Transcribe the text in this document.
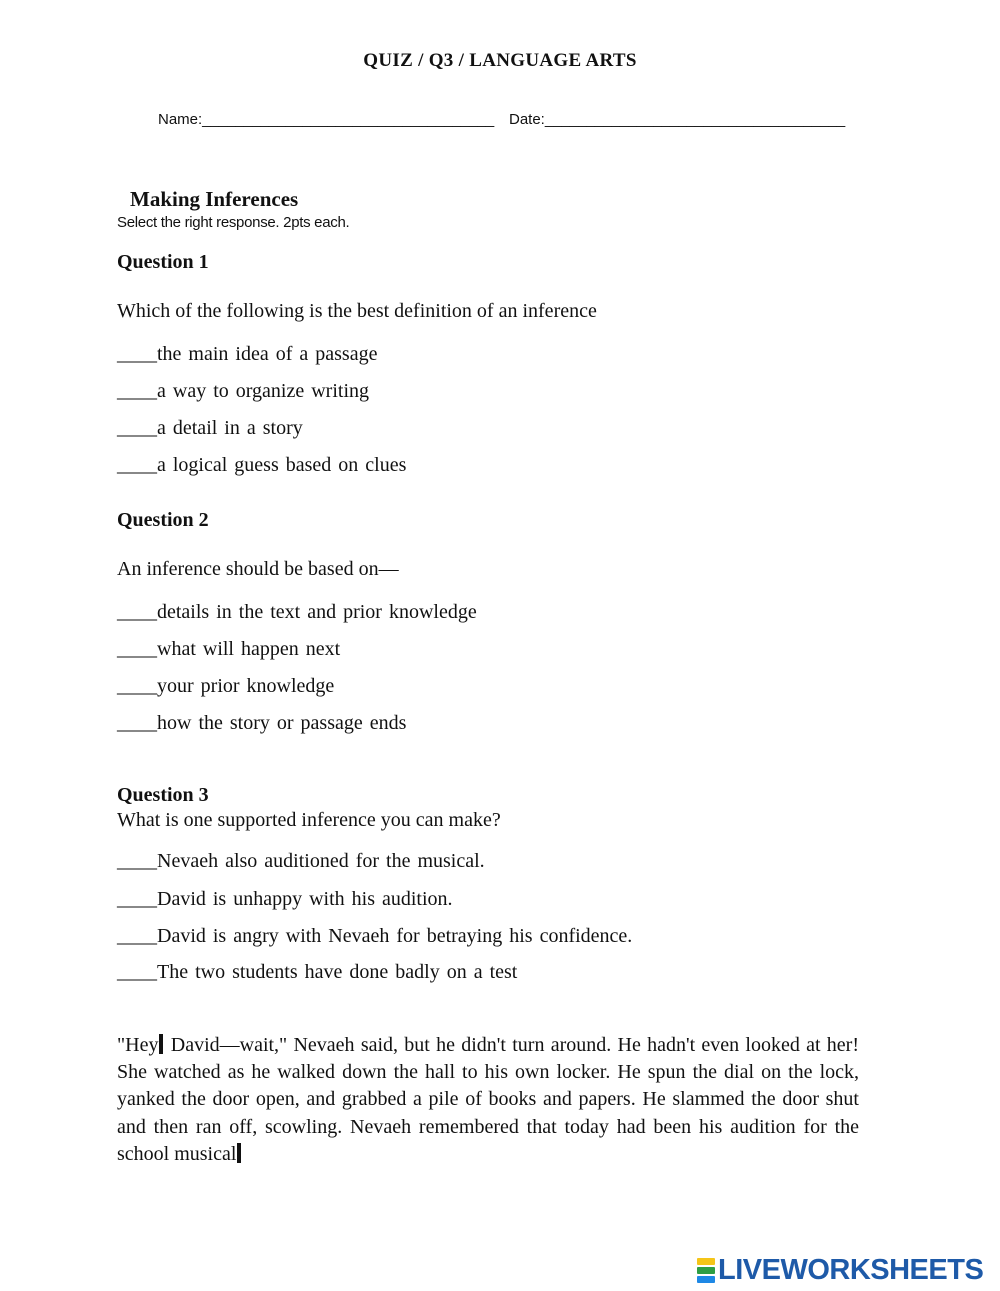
QUIZ / Q3 / LANGUAGE ARTS
Name:___________________________________ Date:____________________________________
Making Inferences
Select the right response. 2pts each.
Question 1
Which of the following is the best definition of an inference
____the main idea of a passage
____a way to organize writing
____a detail in a story
____a logical guess based on clues
Question 2
An inference should be based on—
____details in the text and prior knowledge
____what will happen next
____your prior knowledge
____how the story or passage ends
Question 3
What is one supported inference you can make?
____Nevaeh also auditioned for the musical.
____David is unhappy with his audition.
____David is angry with Nevaeh for betraying his confidence.
____The two students have done badly on a test
"Hey David—wait," Nevaeh said, but he didn't turn around. He hadn't even looked at her! She watched as he walked down the hall to his own locker. He spun the dial on the lock, yanked the door open, and grabbed a pile of books and papers. He slammed the door shut and then ran off, scowling. Nevaeh remembered that today had been his audition for the school musical
LIVEWORKSHEETS
